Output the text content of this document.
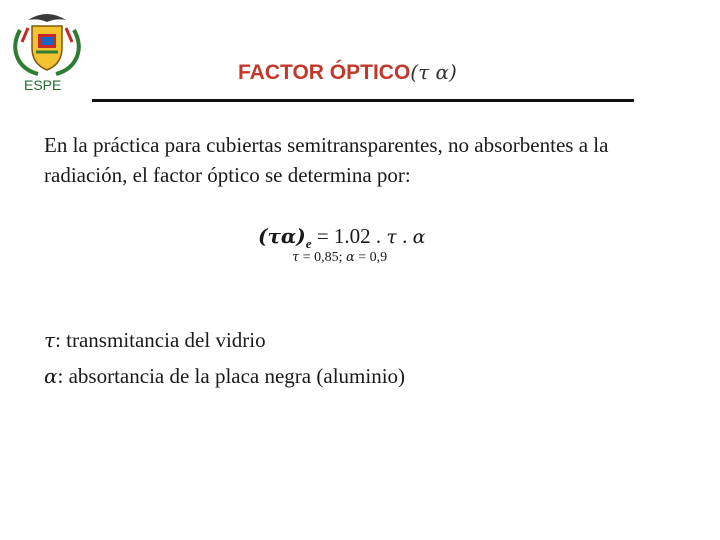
ESPE
FACTOR ÓPTICO(τ α)
En la práctica para cubiertas semitransparentes, no absorbentes a la radiación, el factor óptico se determina por:
$(\tau\alpha)_e = 1.02$ . τ . α
τ = 0,85; α = 0,9
τ: transmitancia del vidrio
α: absortancia de la placa negra (aluminio)
